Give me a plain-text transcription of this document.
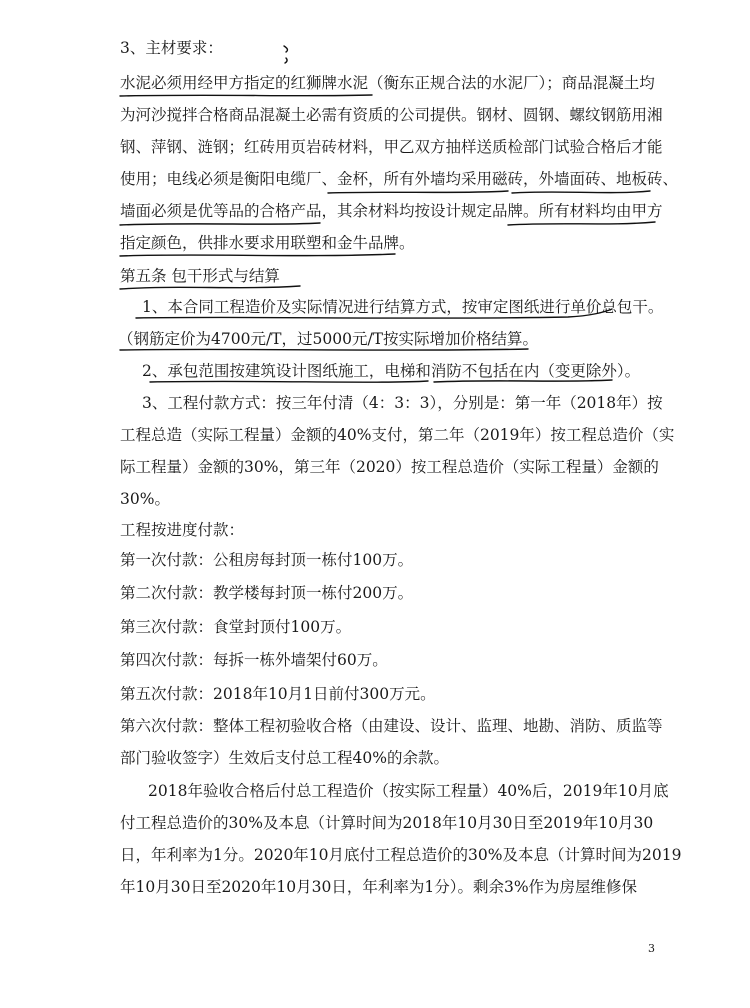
3、主材要求：
水泥必须用经甲方指定的红狮牌水泥（衡东正规合法的水泥厂）；商品混凝土均
为河沙搅拌合格商品混凝土必需有资质的公司提供。钢材、圆钢、螺纹钢筋用湘
钢、萍钢、涟钢；红砖用页岩砖材料，甲乙双方抽样送质检部门试验合格后才能
使用；电线必须是衡阳电缆厂、金杯，所有外墙均采用磁砖，外墙面砖、地板砖、
墙面必须是优等品的合格产品，其余材料均按设计规定品牌。所有材料均由甲方
指定颜色，供排水要求用联塑和金牛品牌。
第五条 包干形式与结算
1、本合同工程造价及实际情况进行结算方式，按审定图纸进行单价总包干。
（钢筋定价为4700元/T，过5000元/T按实际增加价格结算。
2、承包范围按建筑设计图纸施工，电梯和消防不包括在内（变更除外）。
3、工程付款方式：按三年付清（4：3：3），分别是：第一年（2018年）按
工程总造（实际工程量）金额的40%支付，第二年（2019年）按工程总造价（实
际工程量）金额的30%，第三年（2020）按工程总造价（实际工程量）金额的
30%。
工程按进度付款：
第一次付款：公租房每封顶一栋付100万。
第二次付款：教学楼每封顶一栋付200万。
第三次付款：食堂封顶付100万。
第四次付款：每拆一栋外墙架付60万。
第五次付款：2018年10月1日前付300万元。
第六次付款：整体工程初验收合格（由建设、设计、监理、地勘、消防、质监等
部门验收签字）生效后支付总工程40%的余款。
2018年验收合格后付总工程造价（按实际工程量）40%后，2019年10月底
付工程总造价的30%及本息（计算时间为2018年10月30日至2019年10月30
日，年利率为1分。2020年10月底付工程总造价的30%及本息（计算时间为2019
年10月30日至2020年10月30日，年利率为1分）。剩余3%作为房屋维修保
3
